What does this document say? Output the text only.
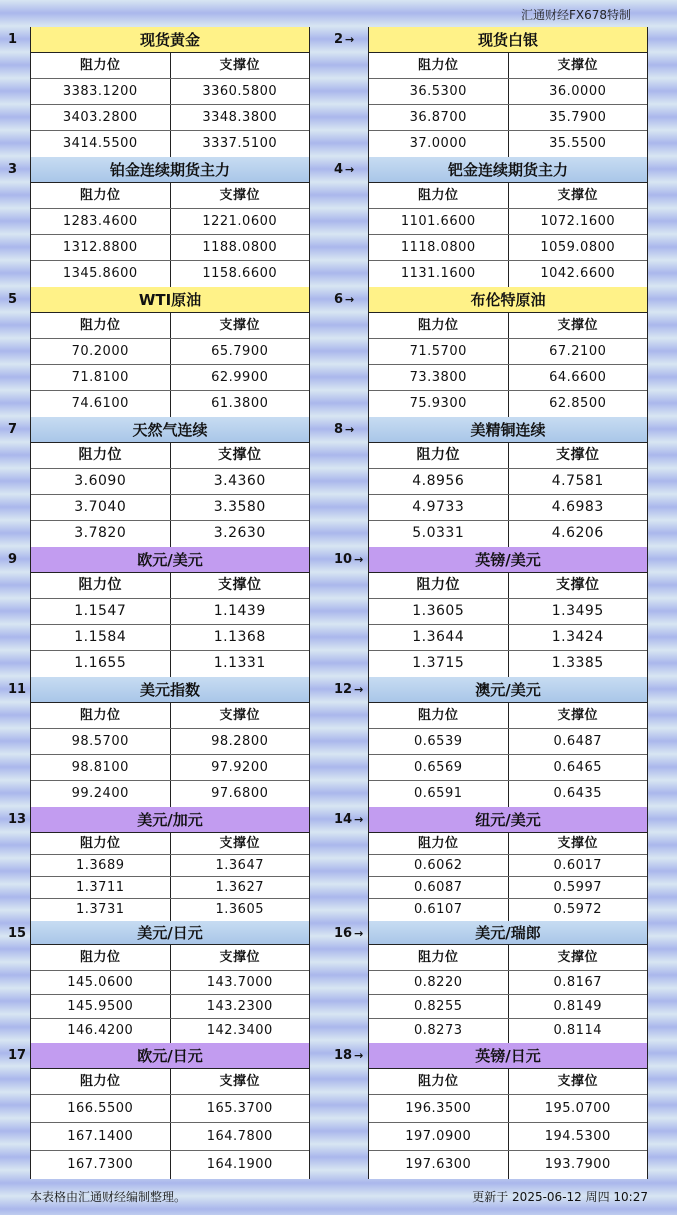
汇通财经FX678特制
1	现货黄金
阻力位	支撑位
3383.1200	3360.5800
3403.2800	3348.3800
3414.5500	3337.5100
2 →	现货白银
阻力位	支撑位
36.5300	36.0000
36.8700	35.7900
37.0000	35.5500
3	铂金连续期货主力
阻力位	支撑位
1283.4600	1221.0600
1312.8800	1188.0800
1345.8600	1158.6600
4 →	钯金连续期货主力
阻力位	支撑位
1101.6600	1072.1600
1118.0800	1059.0800
1131.1600	1042.6600
5	WTI原油
阻力位	支撑位
70.2000	65.7900
71.8100	62.9900
74.6100	61.3800
6 →	布伦特原油
阻力位	支撑位
71.5700	67.2100
73.3800	64.6600
75.9300	62.8500
7	天然气连续
阻力位	支撑位
3.6090	3.4360
3.7040	3.3580
3.7820	3.2630
8 →	美精铜连续
阻力位	支撑位
4.8956	4.7581
4.9733	4.6983
5.0331	4.6206
9	欧元/美元
阻力位	支撑位
1.1547	1.1439
1.1584	1.1368
1.1655	1.1331
10 →	英镑/美元
阻力位	支撑位
1.3605	1.3495
1.3644	1.3424
1.3715	1.3385
11	美元指数
阻力位	支撑位
98.5700	98.2800
98.8100	97.9200
99.2400	97.6800
12 →	澳元/美元
阻力位	支撑位
0.6539	0.6487
0.6569	0.6465
0.6591	0.6435
13	美元/加元
阻力位	支撑位
1.3689	1.3647
1.3711	1.3627
1.3731	1.3605
14 →	纽元/美元
阻力位	支撑位
0.6062	0.6017
0.6087	0.5997
0.6107	0.5972
15	美元/日元
阻力位	支撑位
145.0600	143.7000
145.9500	143.2300
146.4200	142.3400
16 →	美元/瑞郎
阻力位	支撑位
0.8220	0.8167
0.8255	0.8149
0.8273	0.8114
17	欧元/日元
阻力位	支撑位
166.5500	165.3700
167.1400	164.7800
167.7300	164.1900
18 →	英镑/日元
阻力位	支撑位
196.3500	195.0700
197.0900	194.5300
197.6300	193.7900
本表格由汇通财经编制整理。	更新于 2025-06-12 周四 10:27
